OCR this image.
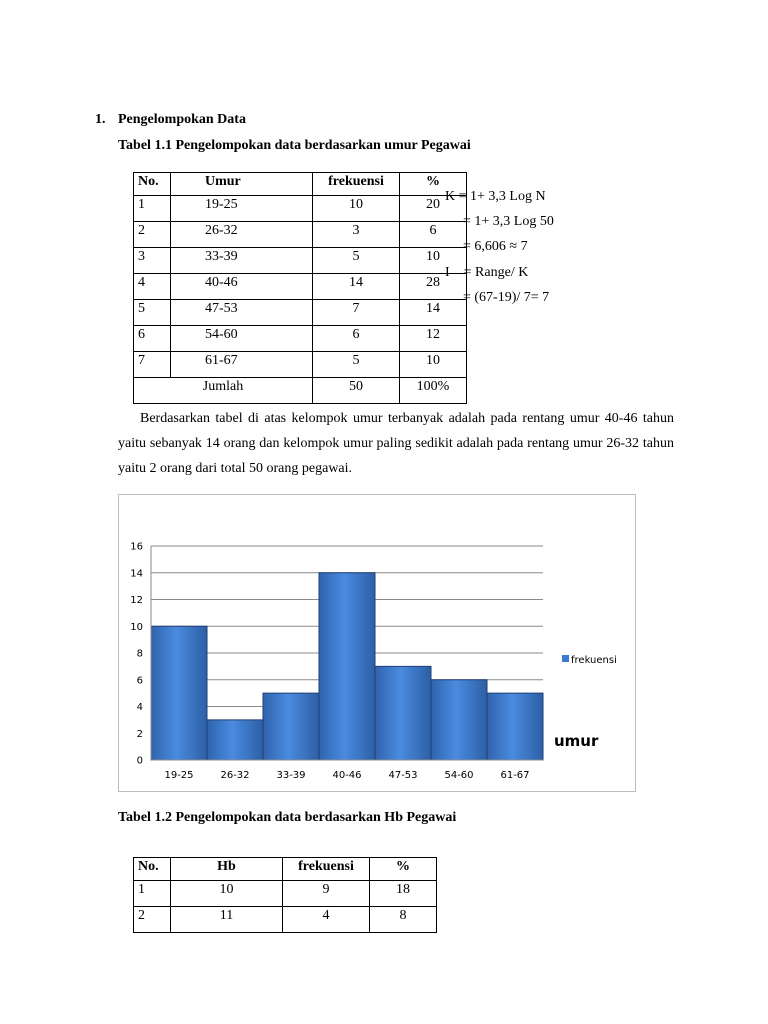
1. Pengelompokan Data
Tabel 1.1 Pengelompokan data berdasarkan umur Pegawai
No.	Umur	frekuensi	%
1	19-25	10	20
2	26-32	3	6
3	33-39	5	10
4	40-46	14	28
5	47-53	7	14
6	54-60	6	12
7	61-67	5	10
Jumlah		50	100%
K = 1+ 3,3 Log N
= 1+ 3,3 Log 50
= 6,606 ≈ 7
I    = Range/ K
= (67-19)/ 7= 7
Berdasarkan tabel di atas kelompok umur terbanyak adalah pada rentang umur 40-46 tahun yaitu sebanyak 14 orang dan kelompok umur paling sedikit adalah pada rentang umur 26-32 tahun yaitu 2 orang dari total 50 orang pegawai.
0
2
4
6
8
10
12
14
16
19-25	26-32	33-39	40-46	47-53	54-60	61-67
frekuensi
umur
Tabel 1.2 Pengelompokan data berdasarkan Hb Pegawai
No.	Hb	frekuensi	%
1	10	9	18
2	11	4	8
